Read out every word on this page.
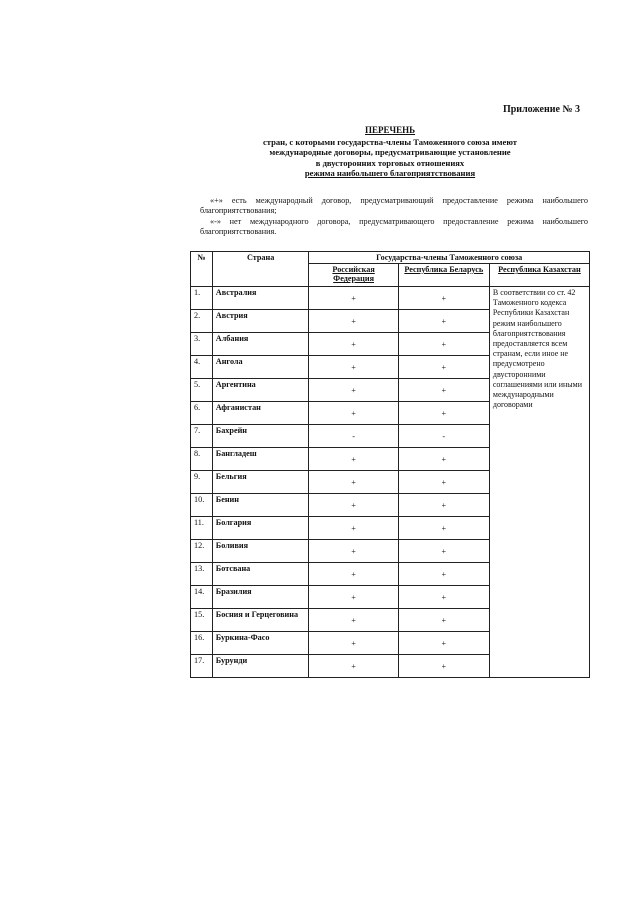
Приложение № 3
ПЕРЕЧЕНЬ
стран, с которыми государства-члены Таможенного союза имеют
международные договоры, предусматривающие установление
в двусторонних торговых отношениях
режима наибольшего благоприятствования

«+» есть международный договор, предусматривающий предоставление режима наибольшего благоприятствования;

«-» нет международного договора, предусматривающего предоставление режима наибольшего благоприятствования.

№	Страна	Государства-члены Таможенного союза		
		Российская Федерация	Республика Беларусь	Республика Казахстан
1.	Австралия	+	+	В соответствии со ст. 42 Таможенного кодекса Республики Казахстан режим наибольшего благоприятствования предоставляется всем странам, если иное не предусмотрено двусторонними соглашениями или иными международными договорами
2.	Австрия	+	+	
3.	Албания	+	+	
4.	Ангола	+	+	
5.	Аргентина	+	+	
6.	Афганистан	+	+	
7.	Бахрейн	-	-	
8.	Бангладеш	+	+	
9.	Бельгия	+	+	
10.	Бенин	+	+	
11.	Болгария	+	+	
12.	Боливия	+	+	
13.	Ботсвана	+	+	
14.	Бразилия	+	+	
15.	Босния и Герцеговина	+	+	
16.	Буркина-Фасо	+	+	
17.	Бурунди	+	+	
